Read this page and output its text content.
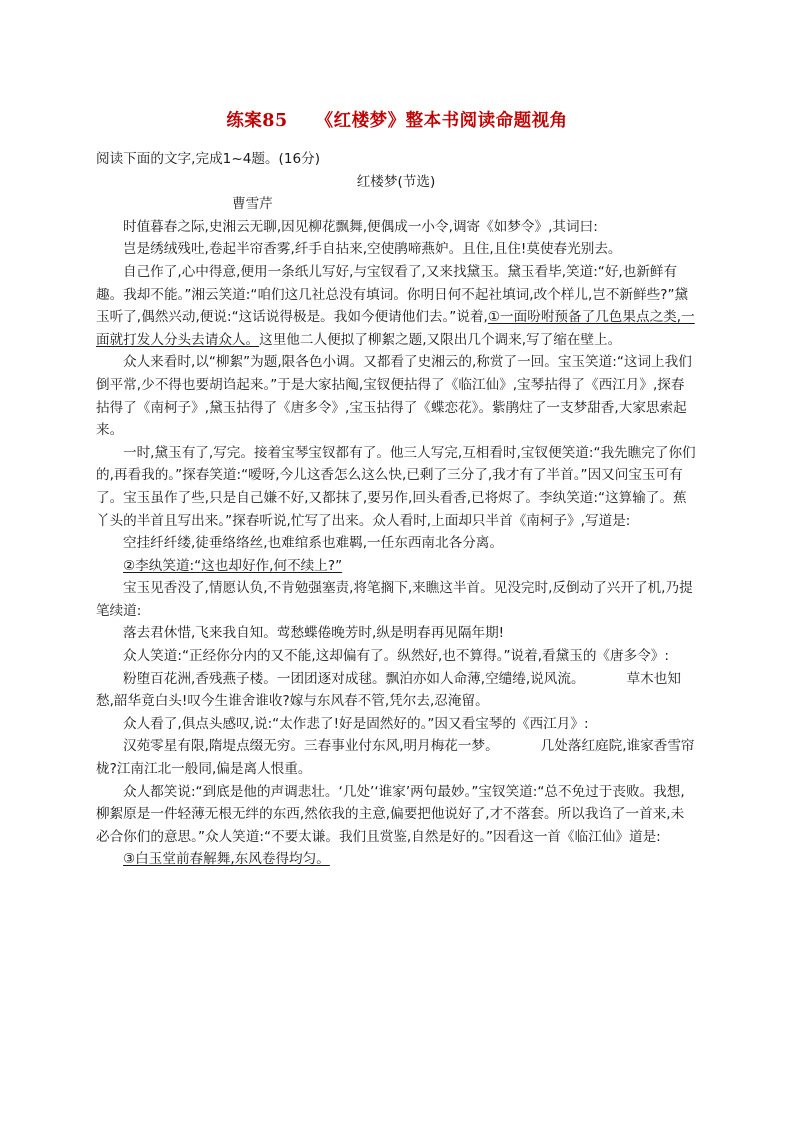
练案85 《红楼梦》整本书阅读命题视角

阅读下面的文字,完成1~4题。(16分)

红楼梦(节选)

曹雪芹

时值暮春之际,史湘云无聊,因见柳花飘舞,便偶成一小令,调寄《如梦令》,其词曰:

岂是绣绒残吐,卷起半帘香雾,纤手自拈来,空使鹃啼燕妒。且住,且住!莫使春光别去。

自己作了,心中得意,便用一条纸儿写好,与宝钗看了,又来找黛玉。黛玉看毕,笑道:“好,也新鲜有趣。我却不能。”湘云笑道:“咱们这几社总没有填词。你明日何不起社填词,改个样儿,岂不新鲜些?”黛玉听了,偶然兴动,便说:“这话说得极是。我如今便请他们去。”说着,①一面吩咐预备了几色果点之类,一面就打发人分头去请众人。这里他二人便拟了柳絮之题,又限出几个调来,写了缩在壁上。

众人来看时,以“柳絮”为题,限各色小调。又都看了史湘云的,称赏了一回。宝玉笑道:“这词上我们倒平常,少不得也要胡诌起来。”于是大家拈阄,宝钗便拈得了《临江仙》,宝琴拈得了《西江月》,探春拈得了《南柯子》,黛玉拈得了《唐多令》,宝玉拈得了《蝶恋花》。紫鹃炷了一支梦甜香,大家思索起来。

一时,黛玉有了,写完。接着宝琴宝钗都有了。他三人写完,互相看时,宝钗便笑道:“我先瞧完了你们的,再看我的。”探春笑道:“嗳呀,今儿这香怎么这么快,已剩了三分了,我才有了半首。”因又问宝玉可有了。宝玉虽作了些,只是自己嫌不好,又都抹了,要另作,回头看香,已将烬了。李纨笑道:“这算输了。蕉丫头的半首且写出来。”探春听说,忙写了出来。众人看时,上面却只半首《南柯子》,写道是:

空挂纤纤缕,徒垂络络丝,也难绾系也难羁,一任东西南北各分离。

②李纨笑道:“这也却好作,何不续上?”

宝玉见香没了,情愿认负,不肯勉强塞责,将笔搁下,来瞧这半首。见没完时,反倒动了兴开了机,乃提笔续道:

落去君休惜,飞来我自知。莺愁蝶倦晚芳时,纵是明春再见隔年期!

众人笑道:“正经你分内的又不能,这却偏有了。纵然好,也不算得。”说着,看黛玉的《唐多令》:

粉堕百花洲,香残燕子楼。一团团逐对成毬。飘泊亦如人命薄,空缱绻,说风流。	草木也知愁,韶华竟白头!叹今生谁舍谁收?嫁与东风春不管,凭尔去,忍淹留。

众人看了,俱点头感叹,说:“太作悲了!好是固然好的。”因又看宝琴的《西江月》:

汉苑零星有限,隋堤点缀无穷。三春事业付东风,明月梅花一梦。	几处落红庭院,谁家香雪帘栊?江南江北一般同,偏是离人恨重。

众人都笑说:“到底是他的声调悲壮。‘几处’‘谁家’两句最妙。”宝钗笑道:“总不免过于丧败。我想,柳絮原是一件轻薄无根无绊的东西,然依我的主意,偏要把他说好了,才不落套。所以我诌了一首来,未必合你们的意思。”众人笑道:“不要太谦。我们且赏鉴,自然是好的。”因看这一首《临江仙》道是:

③白玉堂前春解舞,东风卷得均匀。
